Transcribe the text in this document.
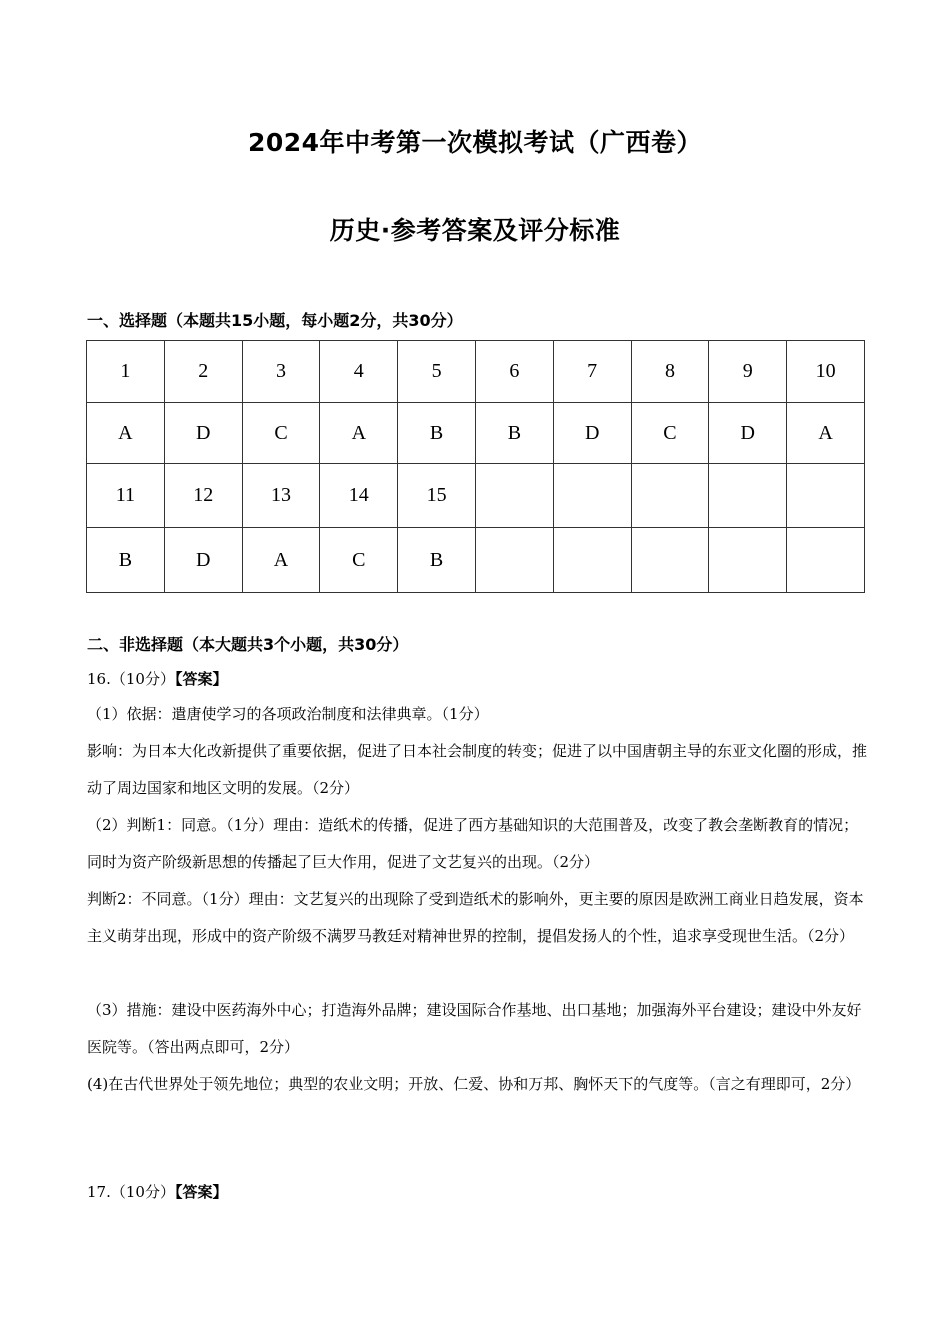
2024年中考第一次模拟考试（广西卷）
历史·参考答案及评分标准
一、选择题（本题共15小题，每小题2分，共30分）
1	2	3	4	5	6	7	8	9	10
A	D	C	A	B	B	D	C	D	A
11	12	13	14	15					
B	D	A	C	B					
二、非选择题（本大题共3个小题，共30分）
16.（10分）【答案】

（1）依据：遣唐使学习的各项政治制度和法律典章。（1分）

影响：为日本大化改新提供了重要依据，促进了日本社会制度的转变；促进了以中国唐朝主导的东亚文化圈的形成，推动了周边国家和地区文明的发展。（2分）

（2）判断1：同意。（1分）理由：造纸术的传播，促进了西方基础知识的大范围普及，改变了教会垄断教育的情况；同时为资产阶级新思想的传播起了巨大作用，促进了文艺复兴的出现。（2分）

判断2：不同意。（1分）理由：文艺复兴的出现除了受到造纸术的影响外，更主要的原因是欧洲工商业日趋发展，资本主义萌芽出现，形成中的资产阶级不满罗马教廷对精神世界的控制，提倡发扬人的个性，追求享受现世生活。（2分）

（3）措施：建设中医药海外中心；打造海外品牌；建设国际合作基地、出口基地；加强海外平台建设；建设中外友好医院等。（答出两点即可，2分）

(4)在古代世界处于领先地位；典型的农业文明；开放、仁爱、协和万邦、胸怀天下的气度等。（言之有理即可，2分）

17.（10分）【答案】
